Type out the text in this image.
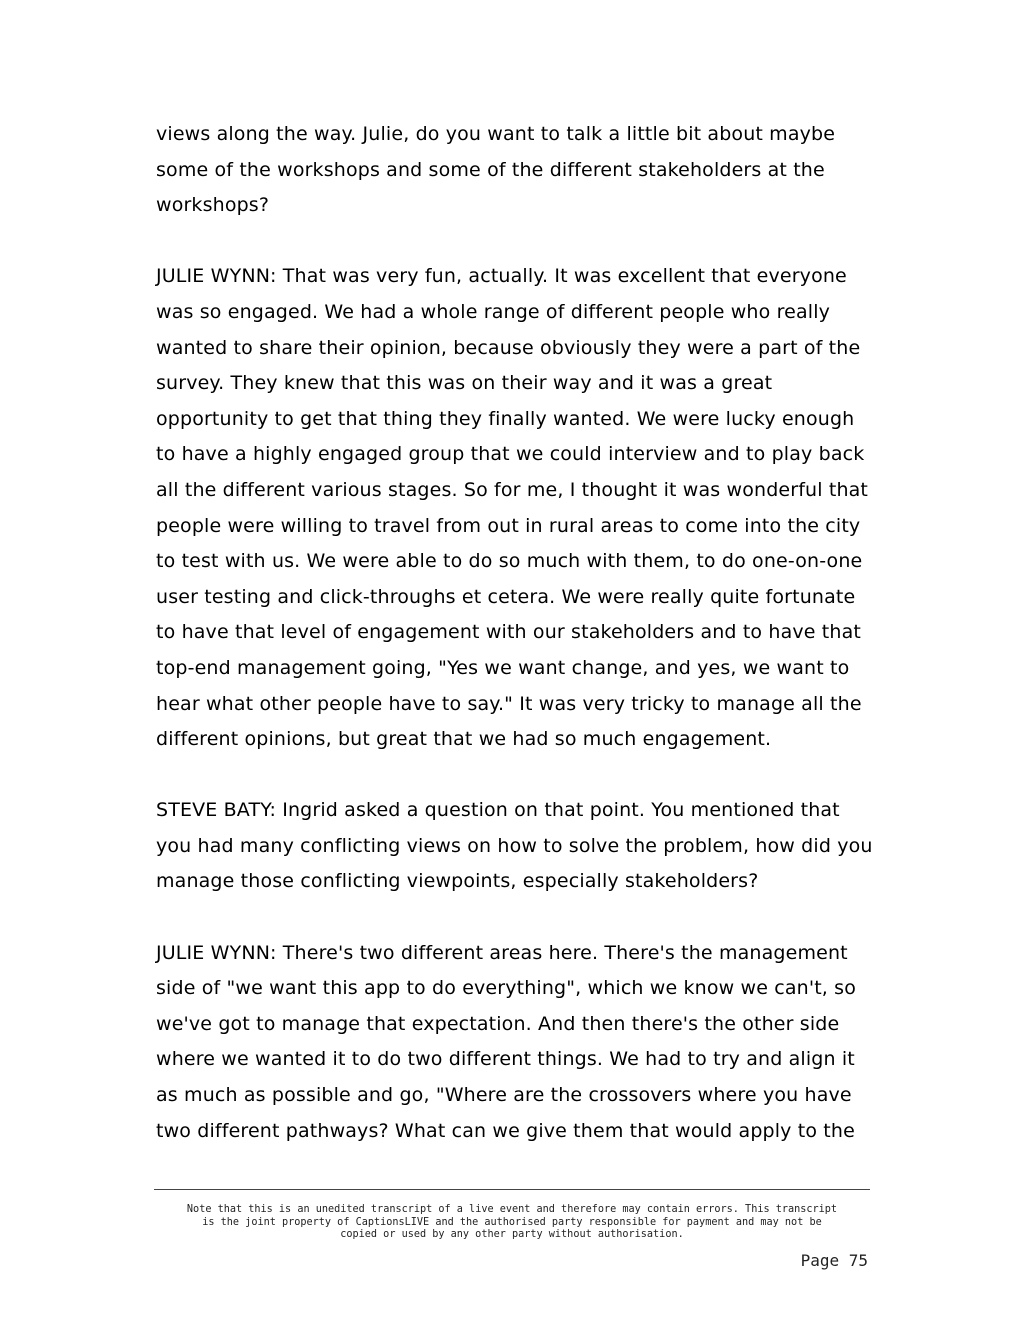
views along the way. Julie, do you want to talk a little bit about maybe
some of the workshops and some of the different stakeholders at the
workshops?
JULIE WYNN: That was very fun, actually. It was excellent that everyone
was so engaged. We had a whole range of different people who really
wanted to share their opinion, because obviously they were a part of the
survey. They knew that this was on their way and it was a great
opportunity to get that thing they finally wanted. We were lucky enough
to have a highly engaged group that we could interview and to play back
all the different various stages. So for me, I thought it was wonderful that
people were willing to travel from out in rural areas to come into the city
to test with us. We were able to do so much with them, to do one-on-one
user testing and click-throughs et cetera. We were really quite fortunate
to have that level of engagement with our stakeholders and to have that
top-end management going, "Yes we want change, and yes, we want to
hear what other people have to say." It was very tricky to manage all the
different opinions, but great that we had so much engagement.
STEVE BATY: Ingrid asked a question on that point. You mentioned that
you had many conflicting views on how to solve the problem, how did you
manage those conflicting viewpoints, especially stakeholders?
JULIE WYNN: There's two different areas here. There's the management
side of "we want this app to do everything", which we know we can't, so
we've got to manage that expectation. And then there's the other side
where we wanted it to do two different things. We had to try and align it
as much as possible and go, "Where are the crossovers where you have
two different pathways? What can we give them that would apply to the
Note that this is an unedited transcript of a live event and therefore may contain errors. This transcript
is the joint property of CaptionsLIVE and the authorised party responsible for payment and may not be
copied or used by any other party without authorisation.
Page 75
